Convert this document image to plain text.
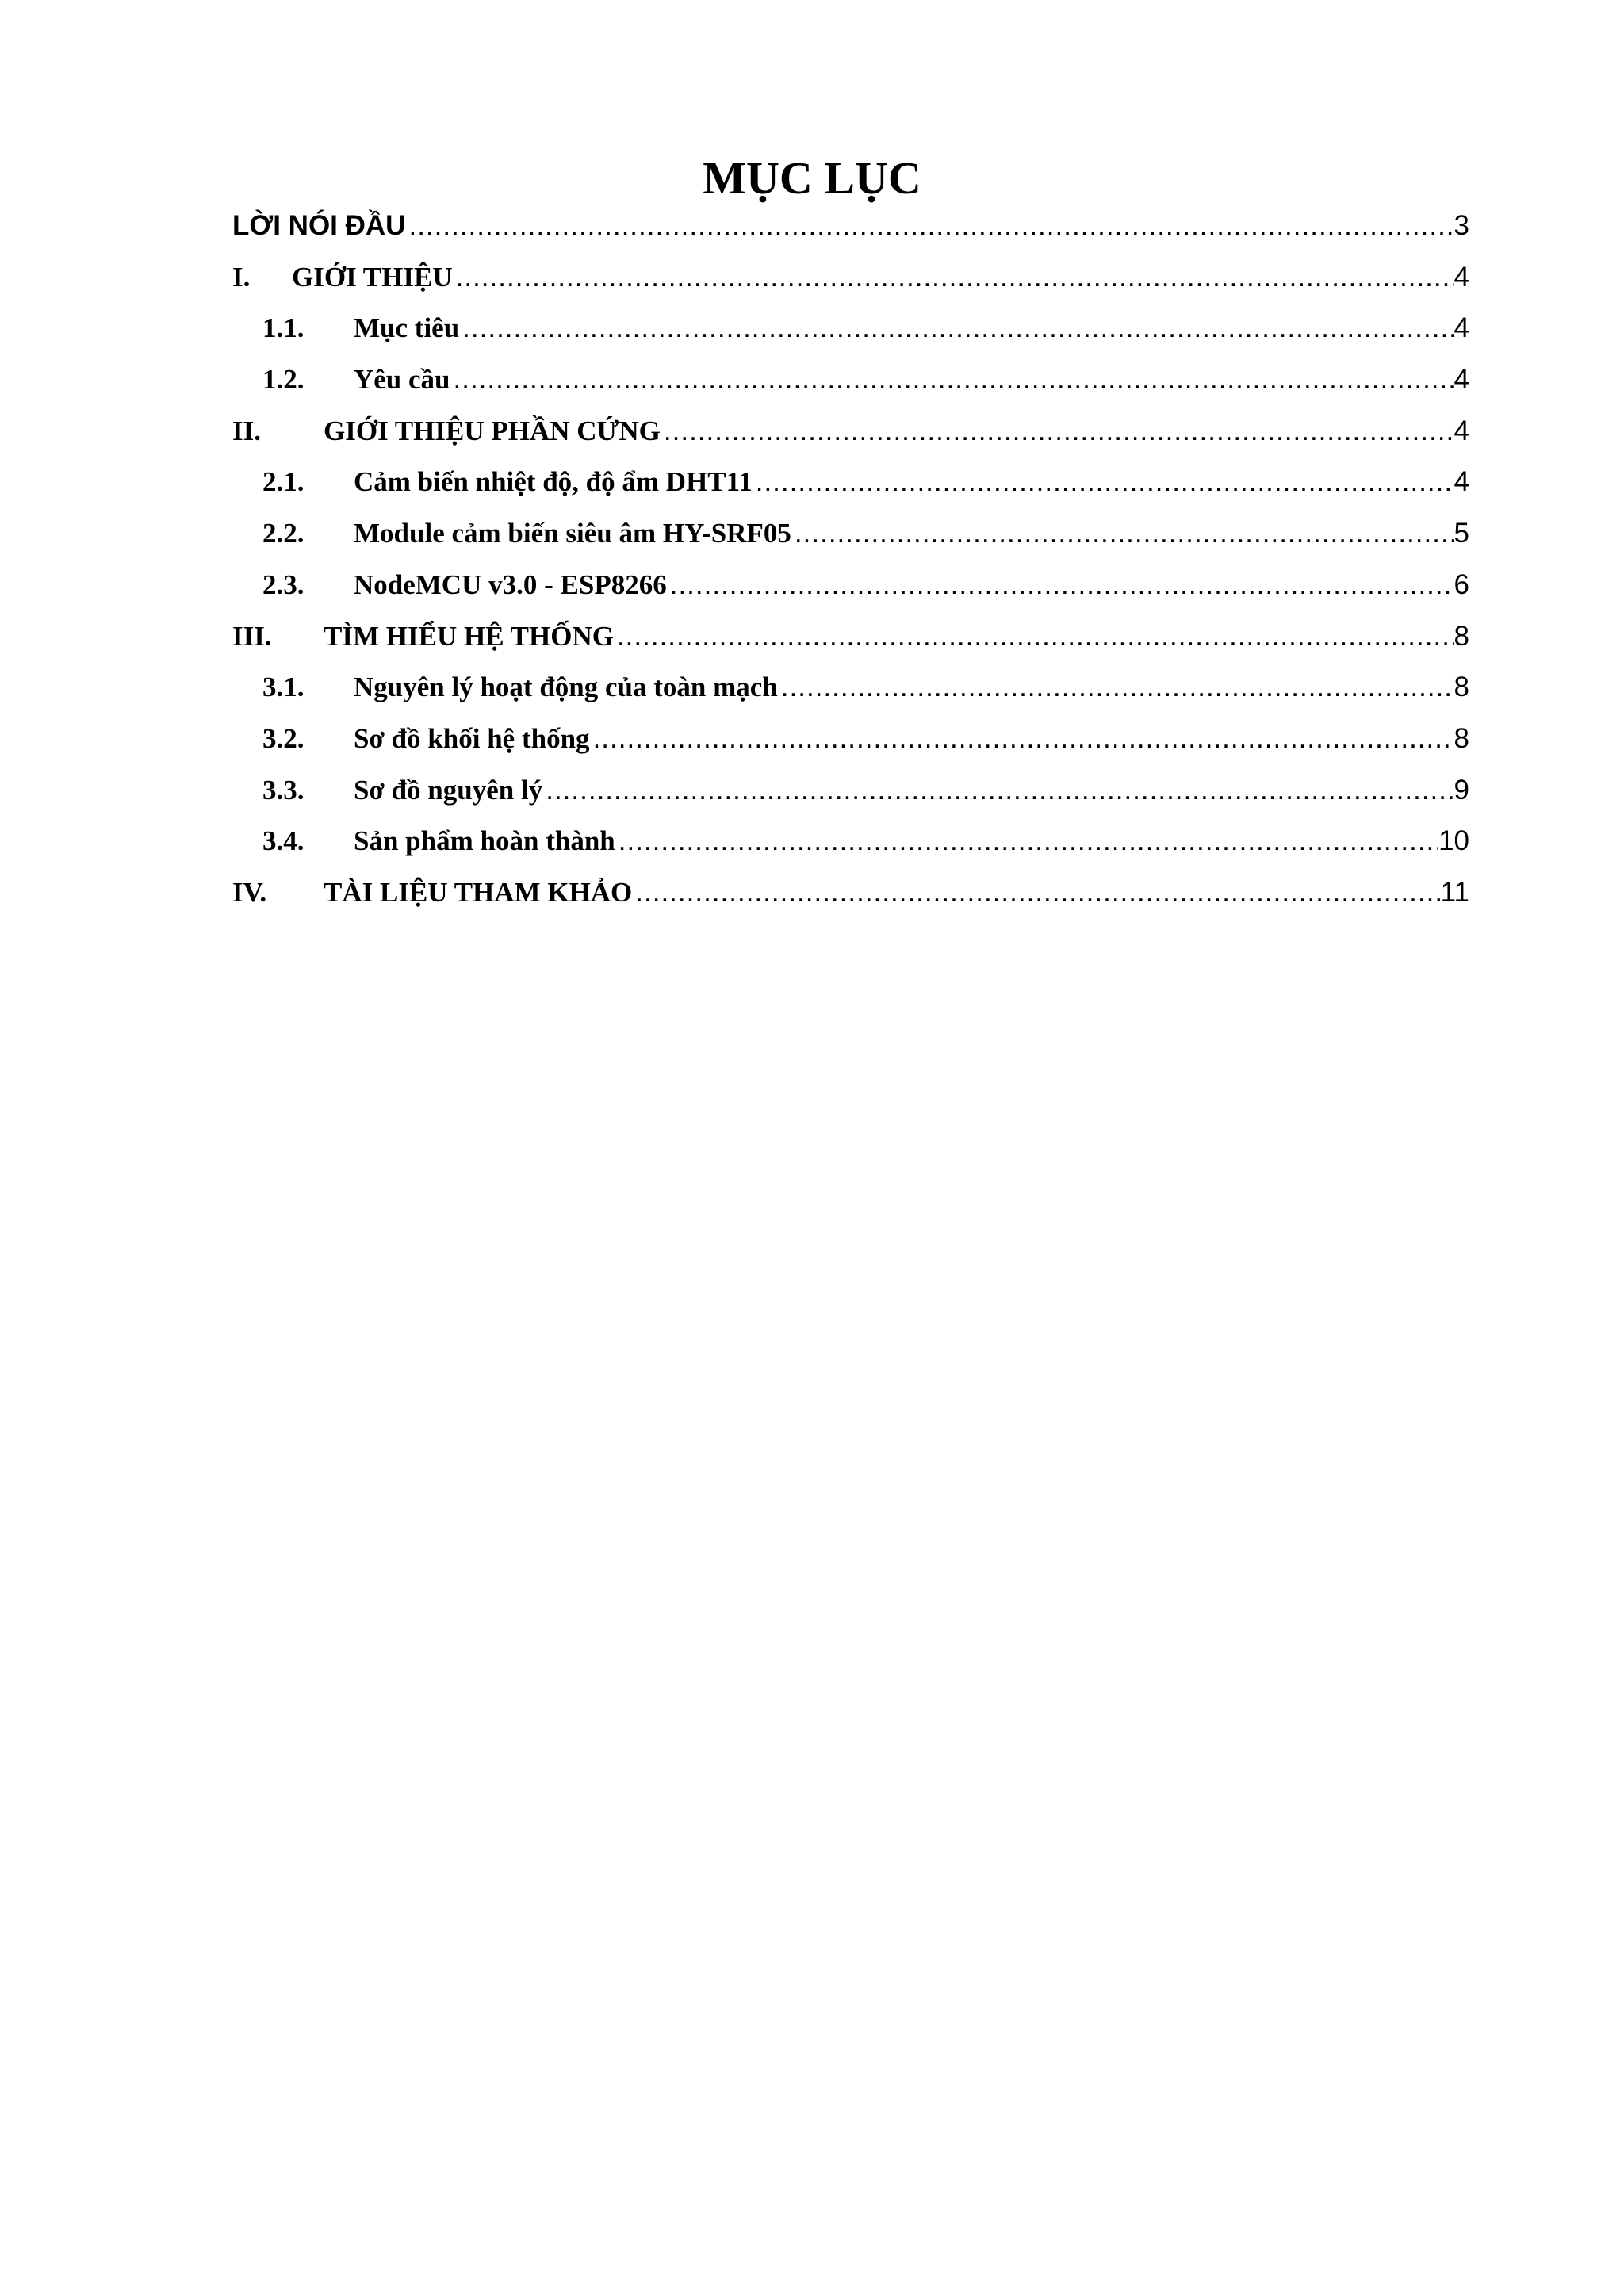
MỤC LỤC
LỜI NÓI ĐẦU .....	3
I.	GIỚI THIỆU .....	4
1.1.	Mục tiêu .....	4
1.2.	Yêu cầu .....	4
II.	GIỚI THIỆU PHẦN CỨNG .....	4
2.1.	Cảm biến nhiệt độ, độ ẩm DHT11 .....	4
2.2.	Module cảm biến siêu âm HY-SRF05 .....	5
2.3.	NodeMCU v3.0 - ESP8266 .....	6
III.	TÌM HIỂU HỆ THỐNG .....	8
3.1.	Nguyên lý hoạt động của toàn mạch .....	8
3.2.	Sơ đồ khối hệ thống .....	8
3.3.	Sơ đồ nguyên lý .....	9
3.4.	Sản phẩm hoàn thành .....	10
IV.	TÀI LIỆU THAM KHẢO .....	11
